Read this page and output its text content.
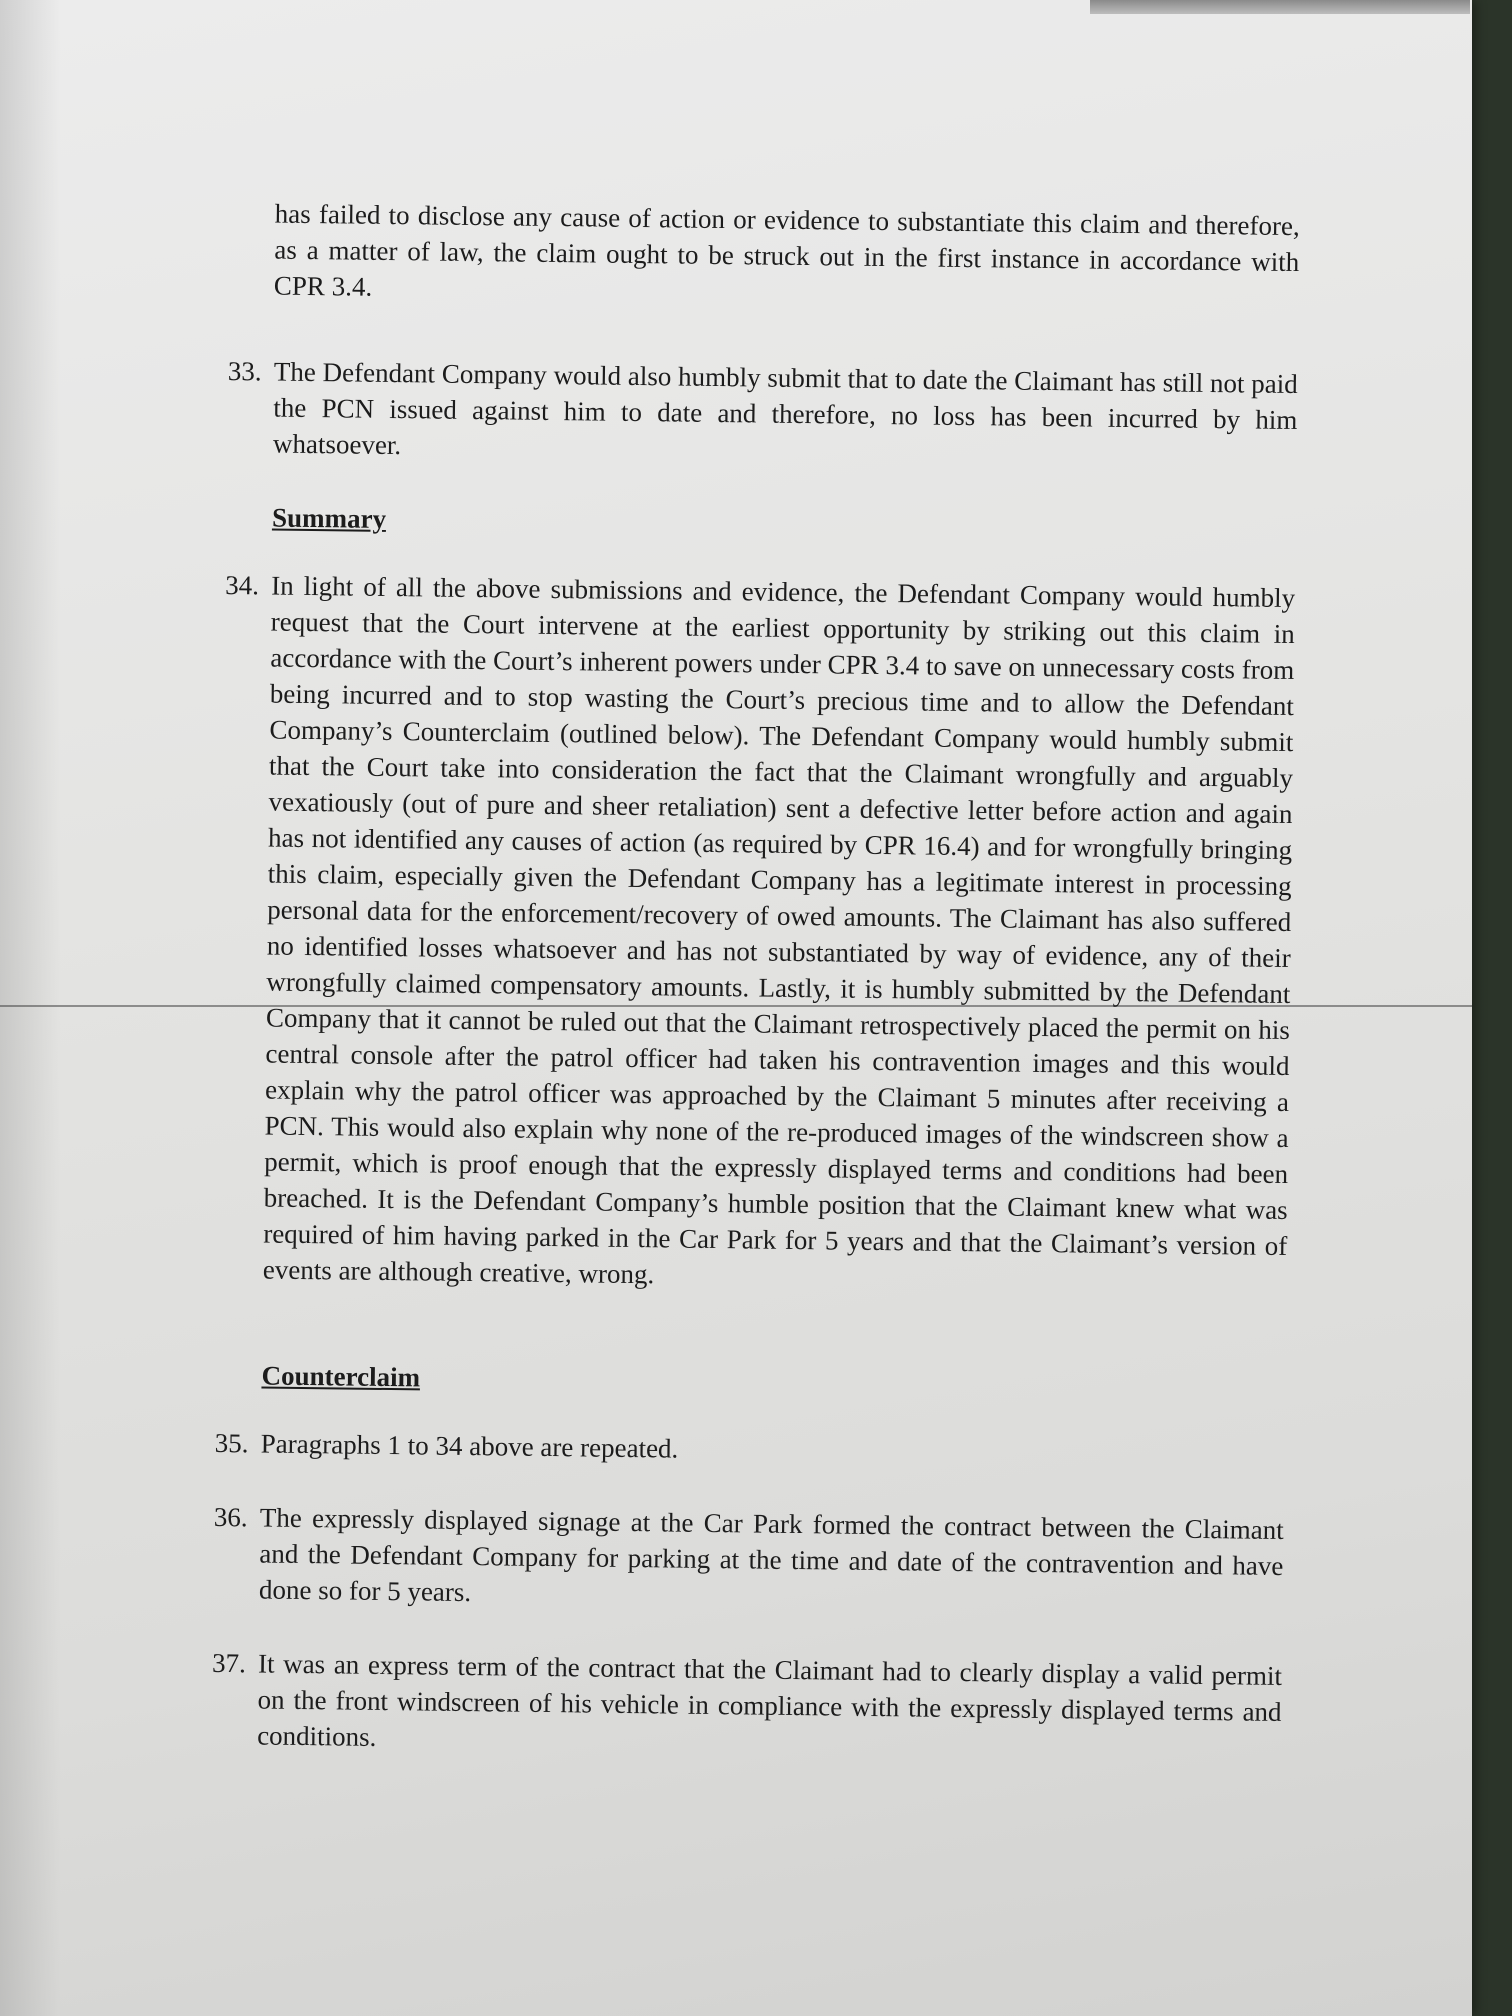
has failed to disclose any cause of action or evidence to substantiate this claim and therefore, as a matter of law, the claim ought to be struck out in the first instance in accordance with CPR 3.4.
33. The Defendant Company would also humbly submit that to date the Claimant has still not paid the PCN issued against him to date and therefore, no loss has been incurred by him whatsoever.
Summary
34. In light of all the above submissions and evidence, the Defendant Company would humbly request that the Court intervene at the earliest opportunity by striking out this claim in accordance with the Court’s inherent powers under CPR 3.4 to save on unnecessary costs from being incurred and to stop wasting the Court’s precious time and to allow the Defendant Company’s Counterclaim (outlined below). The Defendant Company would humbly submit that the Court take into consideration the fact that the Claimant wrongfully and arguably vexatiously (out of pure and sheer retaliation) sent a defective letter before action and again has not identified any causes of action (as required by CPR 16.4) and for wrongfully bringing this claim, especially given the Defendant Company has a legitimate interest in processing personal data for the enforcement/recovery of owed amounts. The Claimant has also suffered no identified losses whatsoever and has not substantiated by way of evidence, any of their wrongfully claimed compensatory amounts. Lastly, it is humbly submitted by the Defendant Company that it cannot be ruled out that the Claimant retrospectively placed the permit on his central console after the patrol officer had taken his contravention images and this would explain why the patrol officer was approached by the Claimant 5 minutes after receiving a PCN. This would also explain why none of the re-produced images of the windscreen show a permit, which is proof enough that the expressly displayed terms and conditions had been breached. It is the Defendant Company’s humble position that the Claimant knew what was required of him having parked in the Car Park for 5 years and that the Claimant’s version of events are although creative, wrong.
Counterclaim
35. Paragraphs 1 to 34 above are repeated.
36. The expressly displayed signage at the Car Park formed the contract between the Claimant and the Defendant Company for parking at the time and date of the contravention and have done so for 5 years.
37. It was an express term of the contract that the Claimant had to clearly display a valid permit on the front windscreen of his vehicle in compliance with the expressly displayed terms and conditions.
